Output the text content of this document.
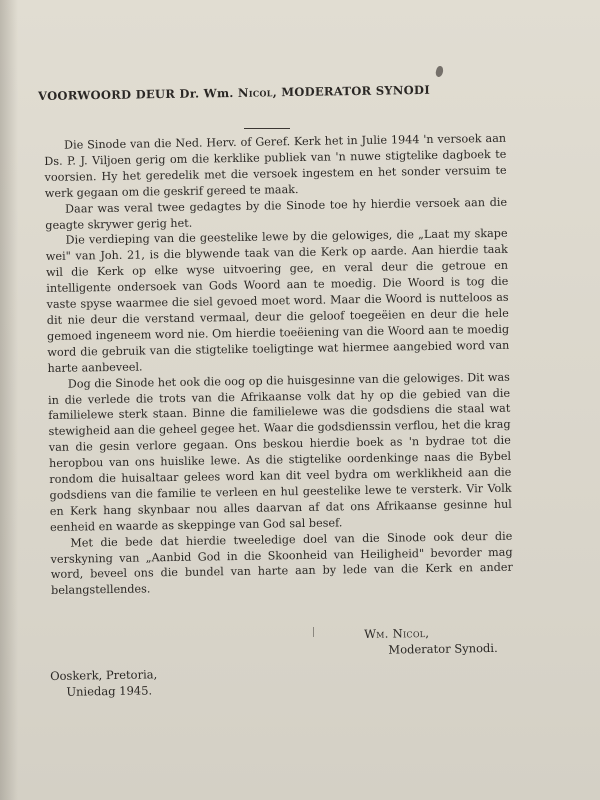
VOORWOORD DEUR Dr. Wm. Nicol, MODERATOR SYNODI

Die Sinode van die Ned. Herv. of Geref. Kerk het in Julie 1944 'n versoek aan Ds. P. J. Viljoen gerig om die kerklike publiek van 'n nuwe stigtelike dagboek te voorsien. Hy het geredelik met die versoek ingestem en het sonder versuim te werk gegaan om die geskrif gereed te maak.

Daar was veral twee gedagtes by die Sinode toe hy hierdie versoek aan die geagte skrywer gerig het.

Die verdieping van die geestelike lewe by die gelowiges, die „Laat my skape wei" van Joh. 21, is die blywende taak van die Kerk op aarde. Aan hierdie taak wil die Kerk op elke wyse uitvoering gee, en veral deur die getroue en intelligente ondersoek van Gods Woord aan te moedig. Die Woord is tog die vaste spyse waarmee die siel gevoed moet word. Maar die Woord is nutteloos as dit nie deur die verstand vermaal, deur die geloof toegeëien en deur die hele gemoed ingeneem word nie. Om hierdie toeëiening van die Woord aan te moedig word die gebruik van die stigtelike toeligtinge wat hiermee aangebied word van harte aanbeveel.

Dog die Sinode het ook die oog op die huisgesinne van die gelowiges. Dit was in die verlede die trots van die Afrikaanse volk dat hy op die gebied van die familielewe sterk staan. Binne die familielewe was die godsdiens die staal wat stewigheid aan die geheel gegee het. Waar die godsdienssin verflou, het die krag van die gesin verlore gegaan. Ons beskou hierdie boek as 'n bydrae tot die heropbou van ons huislike lewe. As die stigtelike oordenkinge naas die Bybel rondom die huisaltaar gelees word kan dit veel bydra om werklikheid aan die godsdiens van die familie te verleen en hul geestelike lewe te versterk. Vir Volk en Kerk hang skynbaar nou alles daarvan af dat ons Afrikaanse gesinne hul eenheid en waarde as skeppinge van God sal besef.

Met die bede dat hierdie tweeledige doel van die Sinode ook deur die verskyning van „Aanbid God in die Skoonheid van Heiligheid" bevorder mag word, beveel ons die bundel van harte aan by lede van die Kerk en ander belangstellendes.

Wm. Nicol,
Moderator Synodi.
Ooskerk, Pretoria,
Uniedag 1945.
